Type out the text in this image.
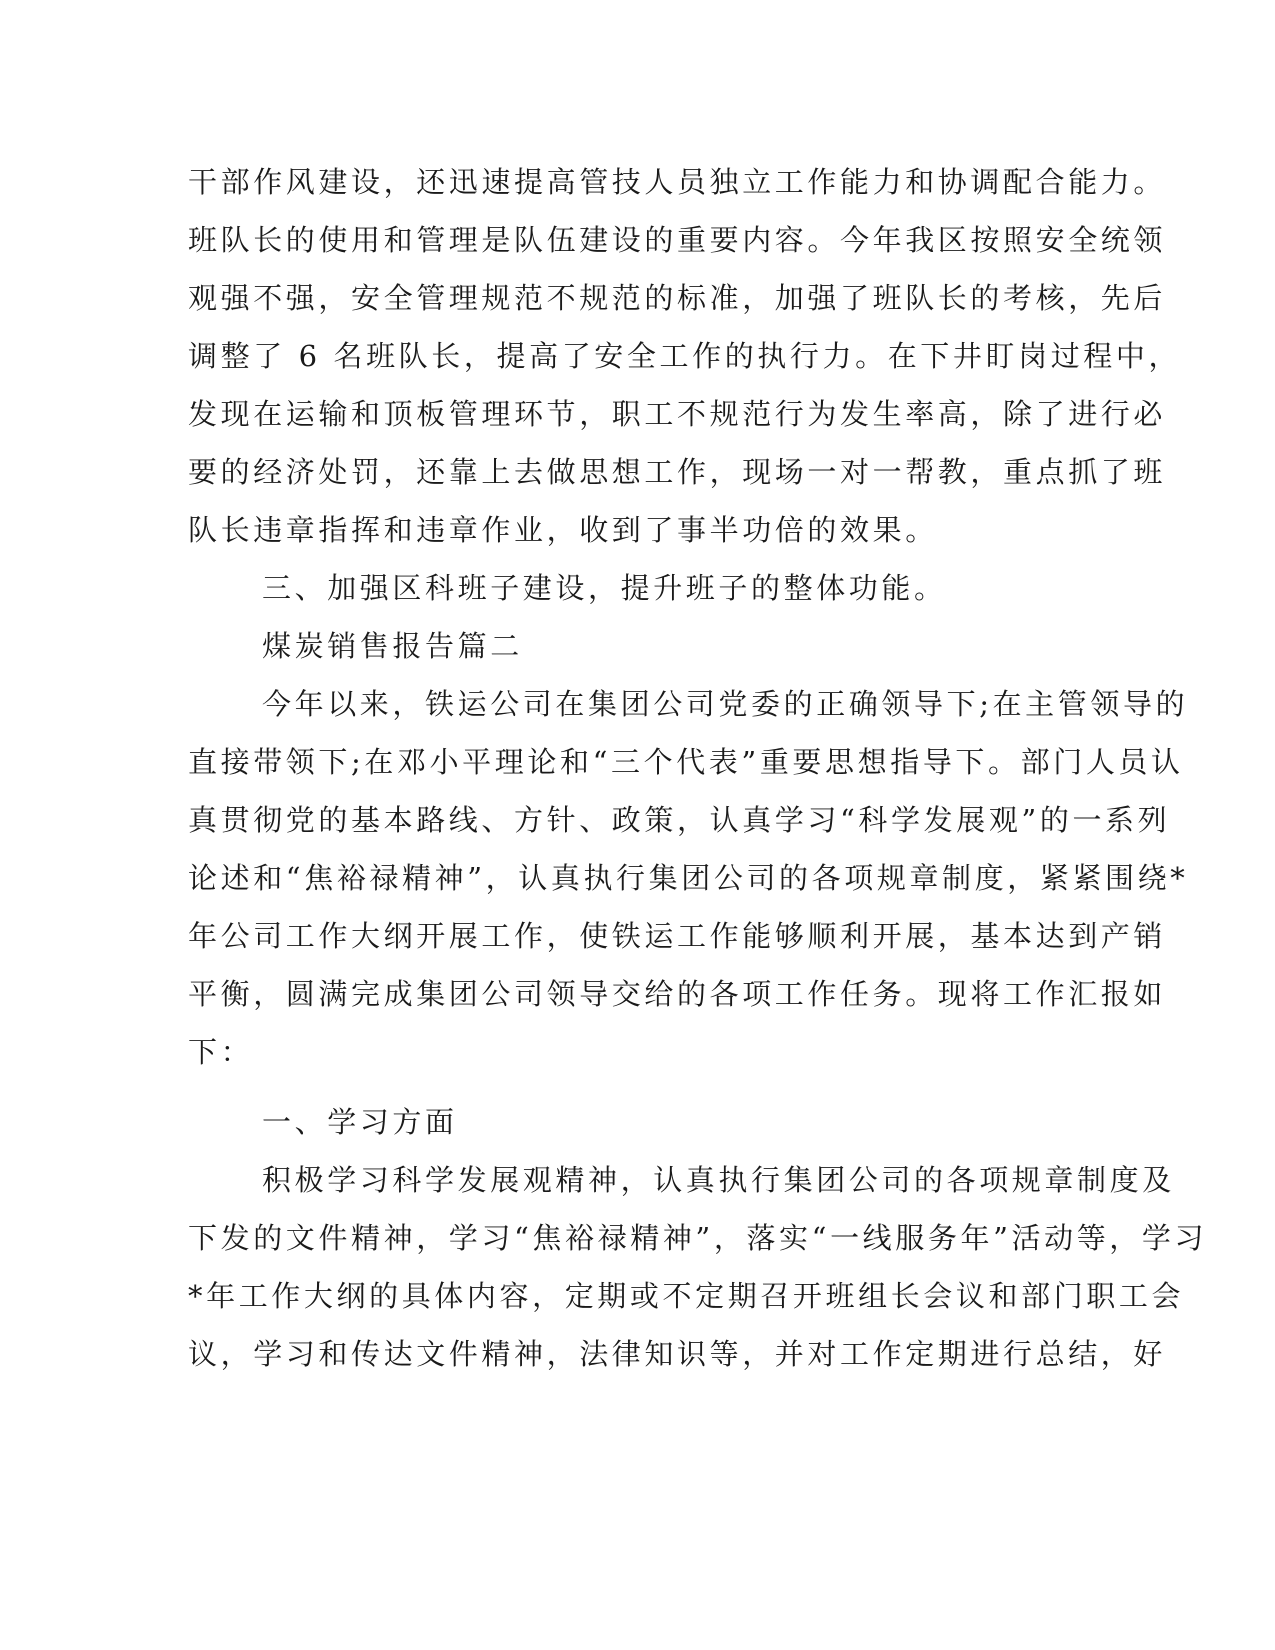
干部作风建设，还迅速提高管技人员独立工作能力和协调配合能力。
班队长的使用和管理是队伍建设的重要内容。今年我区按照安全统领
观强不强，安全管理规范不规范的标准，加强了班队长的考核，先后
调整了 6 名班队长，提高了安全工作的执行力。在下井盯岗过程中，
发现在运输和顶板管理环节，职工不规范行为发生率高，除了进行必
要的经济处罚，还靠上去做思想工作，现场一对一帮教，重点抓了班
队长违章指挥和违章作业，收到了事半功倍的效果。
三、加强区科班子建设，提升班子的整体功能。
煤炭销售报告篇二
今年以来，铁运公司在集团公司党委的正确领导下;在主管领导的
直接带领下;在邓小平理论和“三个代表”重要思想指导下。部门人员认
真贯彻党的基本路线、方针、政策，认真学习“科学发展观”的一系列
论述和“焦裕禄精神”，认真执行集团公司的各项规章制度，紧紧围绕*
年公司工作大纲开展工作，使铁运工作能够顺利开展，基本达到产销
平衡，圆满完成集团公司领导交给的各项工作任务。现将工作汇报如
下：
一、学习方面
积极学习科学发展观精神，认真执行集团公司的各项规章制度及
下发的文件精神，学习“焦裕禄精神”，落实“一线服务年”活动等，学习
*年工作大纲的具体内容，定期或不定期召开班组长会议和部门职工会
议，学习和传达文件精神，法律知识等，并对工作定期进行总结，好
